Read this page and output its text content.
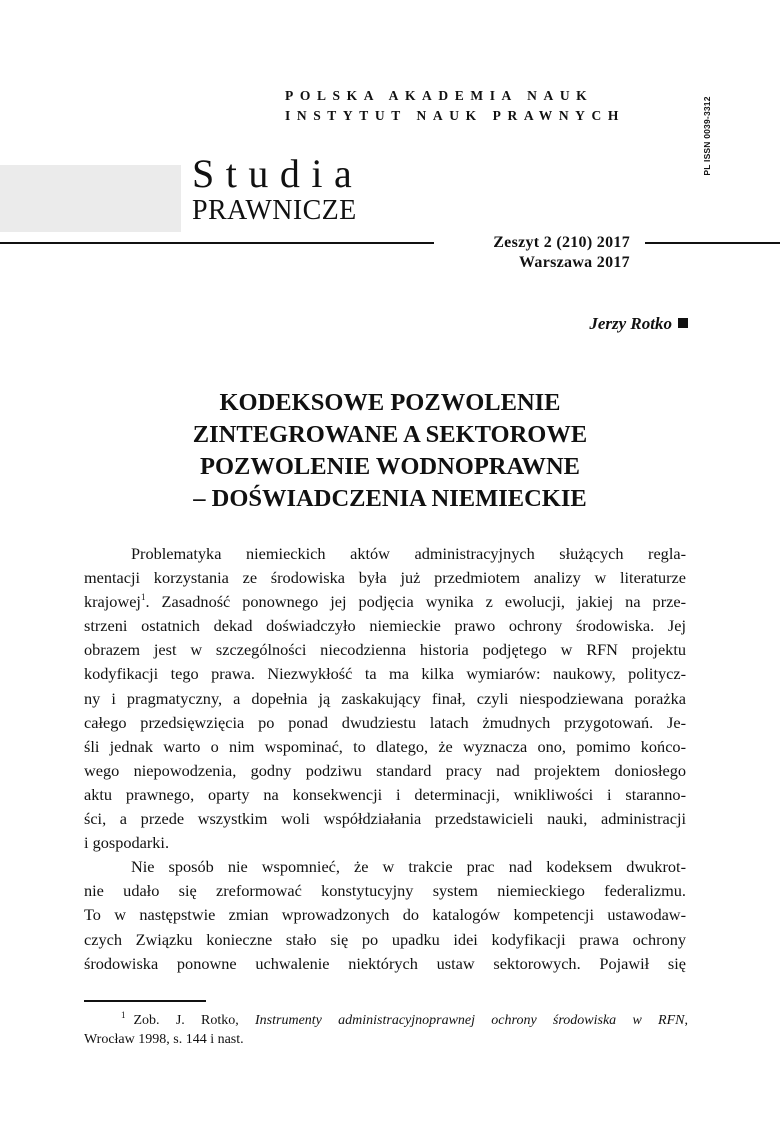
POLSKA AKADEMIA NAUK
INSTYTUT NAUK PRAWNYCH	PL ISSN 0039-3312
Studia
PRAWNICZE
Zeszyt 2 (210) 2017
Warszawa 2017
Jerzy Rotko
KODEKSOWE POZWOLENIE
ZINTEGROWANE A SEKTOROWE
POZWOLENIE WODNOPRAWNE
– DOŚWIADCZENIA NIEMIECKIE
Problematyka niemieckich aktów administracyjnych służących regla-
mentacji korzystania ze środowiska była już przedmiotem analizy w literaturze
krajowej$^1$. Zasadność ponownego jej podjęcia wynika z ewolucji, jakiej na prze-
strzeni ostatnich dekad doświadczyło niemieckie prawo ochrony środowiska. Jej
obrazem jest w szczególności niecodzienna historia podjętego w RFN projektu
kodyfikacji tego prawa. Niezwykłość ta ma kilka wymiarów: naukowy, politycz-
ny i pragmatyczny, a dopełnia ją zaskakujący finał, czyli niespodziewana porażka
całego przedsięwzięcia po ponad dwudziestu latach żmudnych przygotowań. Je-
śli jednak warto o nim wspominać, to dlatego, że wyznacza ono, pomimo końco-
wego niepowodzenia, godny podziwu standard pracy nad projektem doniosłego
aktu prawnego, oparty na konsekwencji i determinacji, wnikliwości i staranno-
ści, a przede wszystkim woli współdziałania przedstawicieli nauki, administracji
i gospodarki.
Nie sposób nie wspomnieć, że w trakcie prac nad kodeksem dwukrot-
nie udało się zreformować konstytucyjny system niemieckiego federalizmu.
To w następstwie zmian wprowadzonych do katalogów kompetencji ustawodaw-
czych Związku konieczne stało się po upadku idei kodyfikacji prawa ochrony
środowiska ponowne uchwalenie niektórych ustaw sektorowych. Pojawił się
$^1$ Zob. J. Rotko, Instrumenty administracyjnoprawnej ochrony środowiska w RFN,
Wrocław 1998, s. 144 i nast.
